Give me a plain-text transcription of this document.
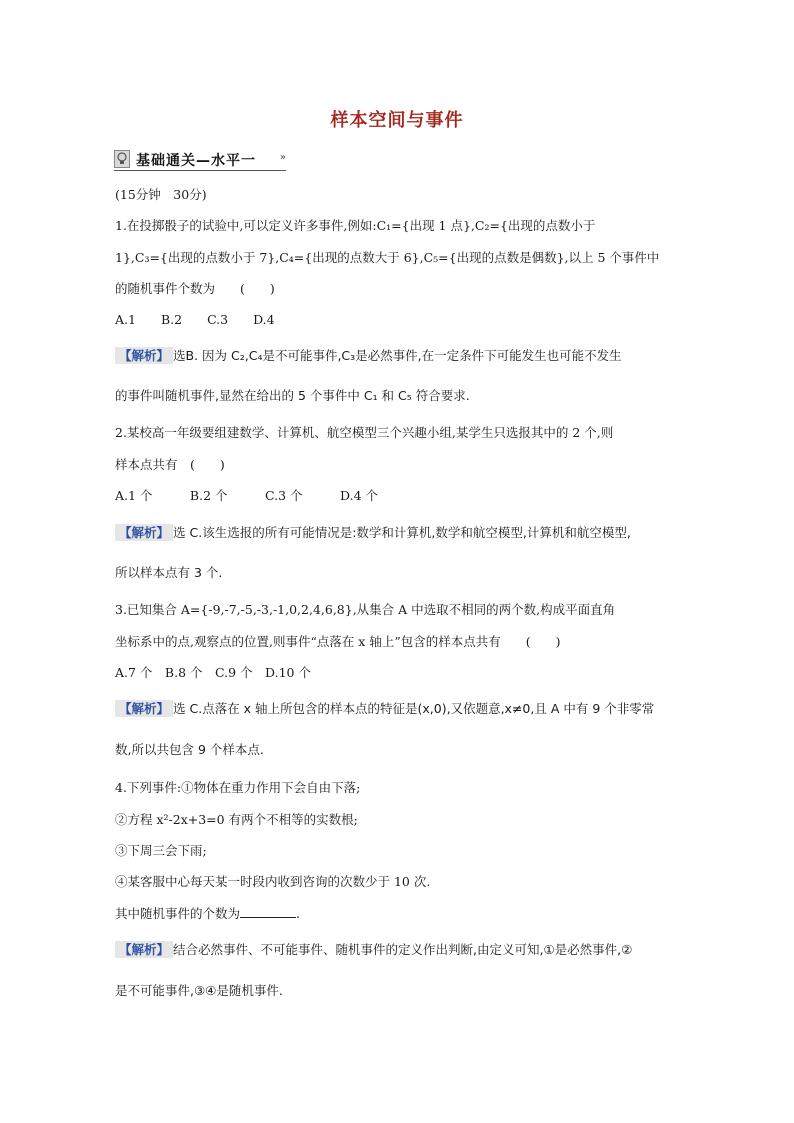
样本空间与事件
基础通关—水平一 »
(15分钟　30分)
1.在投掷骰子的试验中,可以定义许多事件,例如:C₁={出现 1 点},C₂={出现的点数小于
1},C₃={出现的点数小于 7},C₄={出现的点数大于 6},C₅={出现的点数是偶数},以上 5 个事件中
的随机事件个数为　　(　　)
A.1　　B.2　　C.3　　D.4
【解析】 选B. 因为 C₂,C₄是不可能事件,C₃是必然事件,在一定条件下可能发生也可能不发生
的事件叫随机事件,显然在给出的 5 个事件中 C₁ 和 C₅ 符合要求.
2.某校高一年级要组建数学、计算机、航空模型三个兴趣小组,某学生只选报其中的 2 个,则
样本点共有　(　　)
A.1 个　　　B.2 个　　　C.3 个　　　D.4 个
【解析】 选 C.该生选报的所有可能情况是:数学和计算机,数学和航空模型,计算机和航空模型,
所以样本点有 3 个.
3.已知集合 A={-9,-7,-5,-3,-1,0,2,4,6,8},从集合 A 中选取不相同的两个数,构成平面直角
坐标系中的点,观察点的位置,则事件“点落在 x 轴上”包含的样本点共有　　(　　)
A.7 个　B.8 个　C.9 个　D.10 个
【解析】 选 C.点落在 x 轴上所包含的样本点的特征是(x,0),又依题意,x≠0,且 A 中有 9 个非零常
数,所以共包含 9 个样本点.
4.下列事件:①物体在重力作用下会自由下落;
②方程 x²-2x+3=0 有两个不相等的实数根;
③下周三会下雨;
④某客服中心每天某一时段内收到咨询的次数少于 10 次.
其中随机事件的个数为	.
【解析】 结合必然事件、不可能事件、随机事件的定义作出判断,由定义可知,①是必然事件,②
是不可能事件,③④是随机事件.
